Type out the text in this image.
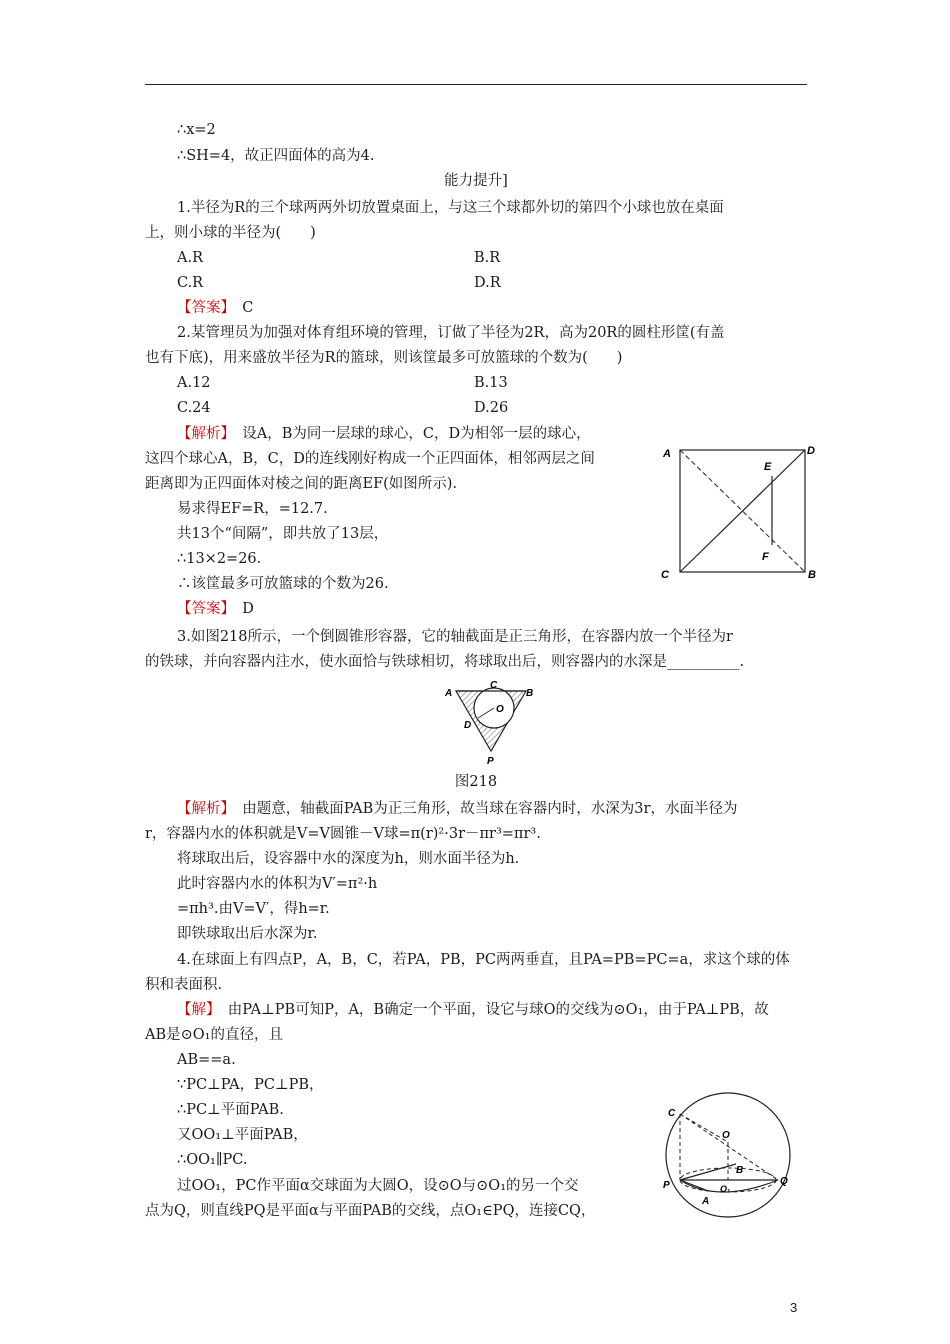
∴x=2
∴SH=4，故正四面体的高为4.
能力提升]
1.半径为R的三个球两两外切放置桌面上，与这三个球都外切的第四个小球也放在桌面
上，则小球的半径为(　　)
A.R	B.R
C.R	D.R
【答案】　 C
2.某管理员为加强对体育组环境的管理，订做了半径为2R，高为20R的圆柱形筐(有盖
也有下底)，用来盛放半径为R的篮球，则该筐最多可放篮球的个数为(　　)
A.12	B.13
C.24	D.26
【解析】　 设A，B为同一层球的球心，C，D为相邻一层的球心，
这四个球心A，B，C，D的连线刚好构成一个正四面体，相邻两层之间
距离即为正四面体对棱之间的距离EF(如图所示).
易求得EF=R，=12.7.
共13个“间隔”，即共放了13层，
∴13×2=26.
∴该筐最多可放篮球的个数为26.
【答案】　 D
A	D
E
F
C	B
3.如图218所示，一个倒圆锥形容器，它的轴截面是正三角形，在容器内放一个半径为r
的铁球，并向容器内注水，使水面恰与铁球相切，将球取出后，则容器内的水深是__________.
C
B
A
O
D
P
图218
【解析】　 由题意，轴截面PAB为正三角形，故当球在容器内时，水深为3r，水面半径为
r，容器内水的体积就是V=V圆锥－V球=π(r)²·3r－πr³=πr³.
将球取出后，设容器中水的深度为h，则水面半径为h.
此时容器内水的体积为V′=π²·h
=πh³.由V=V′，得h=r.
即铁球取出后水深为r.
4.在球面上有四点P，A，B，C，若PA，PB，PC两两垂直，且PA=PB=PC=a，求这个球的体
积和表面积.
【解】　 由PA⊥PB可知P，A，B确定一个平面，设它与球O的交线为⊙O₁，由于PA⊥PB，故
AB是⊙O₁的直径，且
AB==a.
∵PC⊥PA，PC⊥PB，
∴PC⊥平面PAB.
又OO₁⊥平面PAB，
∴OO₁∥PC.
过OO₁，PC作平面α交球面为大圆O，设⊙O与⊙O₁的另一个交
点为Q，则直线PQ是平面α与平面PAB的交线，点O₁∈PQ，连接CQ，
C
O
B
O₁
P
A
Q
3
